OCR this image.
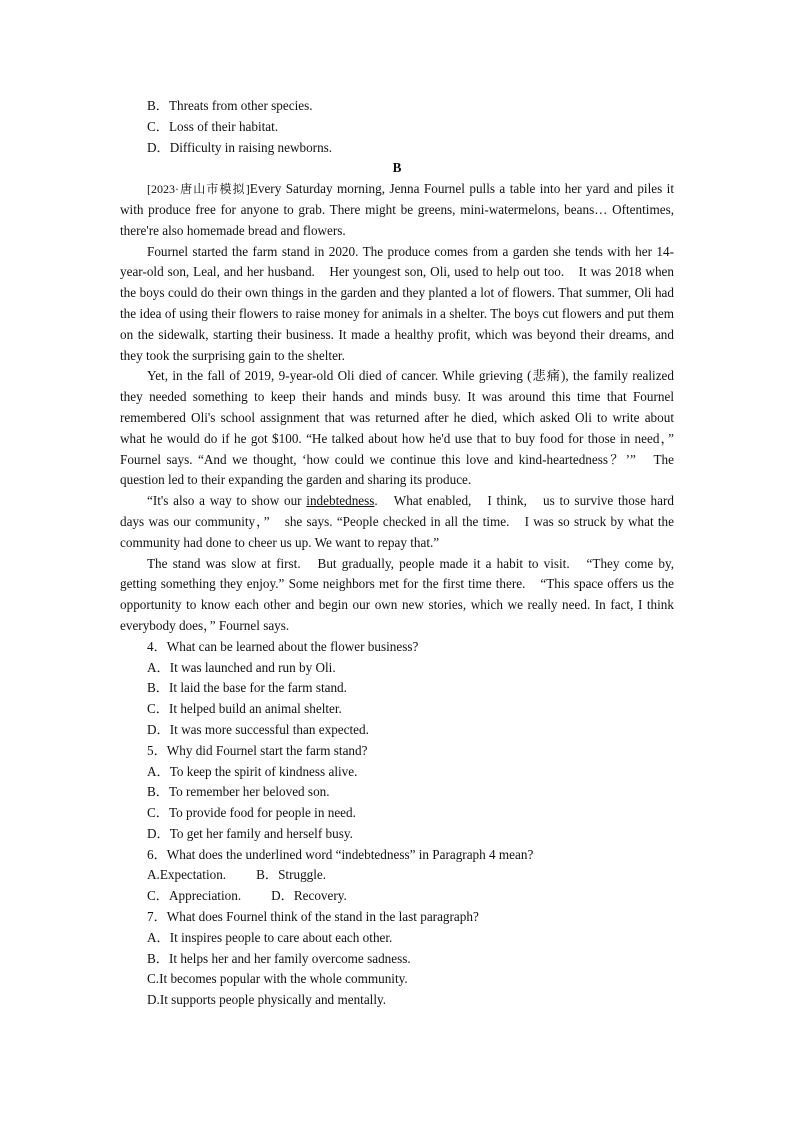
B．Threats from other species.
C．Loss of their habitat.
D．Difficulty in raising newborns.
B
[2023·唐山市模拟]Every Saturday morning, Jenna Fournel pulls a table into her yard and piles it with produce free for anyone to grab. There might be greens, mini-watermelons, beans… Oftentimes, there're also homemade bread and flowers.
Fournel started the farm stand in 2020. The produce comes from a garden she tends with her 14-year-old son, Leal, and her husband.　Her youngest son, Oli, used to help out too.　It was 2018 when the boys could do their own things in the garden and they planted a lot of flowers. That summer, Oli had the idea of using their flowers to raise money for animals in a shelter. The boys cut flowers and put them on the sidewalk, starting their business. It made a healthy profit, which was beyond their dreams, and they took the surprising gain to the shelter.
Yet, in the fall of 2019, 9-year-old Oli died of cancer. While grieving (悲痛), the family realized they needed something to keep their hands and minds busy. It was around this time that Fournel remembered Oli's school assignment that was returned after he died, which asked Oli to write about what he would do if he got $100. “He talked about how he'd use that to buy food for those in need，” Fournel says. “And we thought, ‘how could we continue this love and kind-heartedness？’”　The question led to their expanding the garden and sharing its produce.
“It's also a way to show our indebtedness.　What enabled,　I think,　us to survive those hard days was our community，”　she says. “People checked in all the time.　I was so struck by what the community had done to cheer us up. We want to repay that.”
The stand was slow at first.　But gradually, people made it a habit to visit.　“They come by, getting something they enjoy.” Some neighbors met for the first time there.　“This space offers us the opportunity to know each other and begin our own new stories, which we really need. In fact, I think everybody does，” Fournel says.
4．What can be learned about the flower business?
A．It was launched and run by Oli.
B．It laid the base for the farm stand.
C．It helped build an animal shelter.
D．It was more successful than expected.
5．Why did Fournel start the farm stand?
A．To keep the spirit of kindness alive.
B．To remember her beloved son.
C．To provide food for people in need.
D．To get her family and herself busy.
6．What does the underlined word “indebtedness” in Paragraph 4 mean?
A.Expectation. B．Struggle.
C．Appreciation. D．Recovery.
7．What does Fournel think of the stand in the last paragraph?
A．It inspires people to care about each other.
B．It helps her and her family overcome sadness.
C.It becomes popular with the whole community.
D.It supports people physically and mentally.
